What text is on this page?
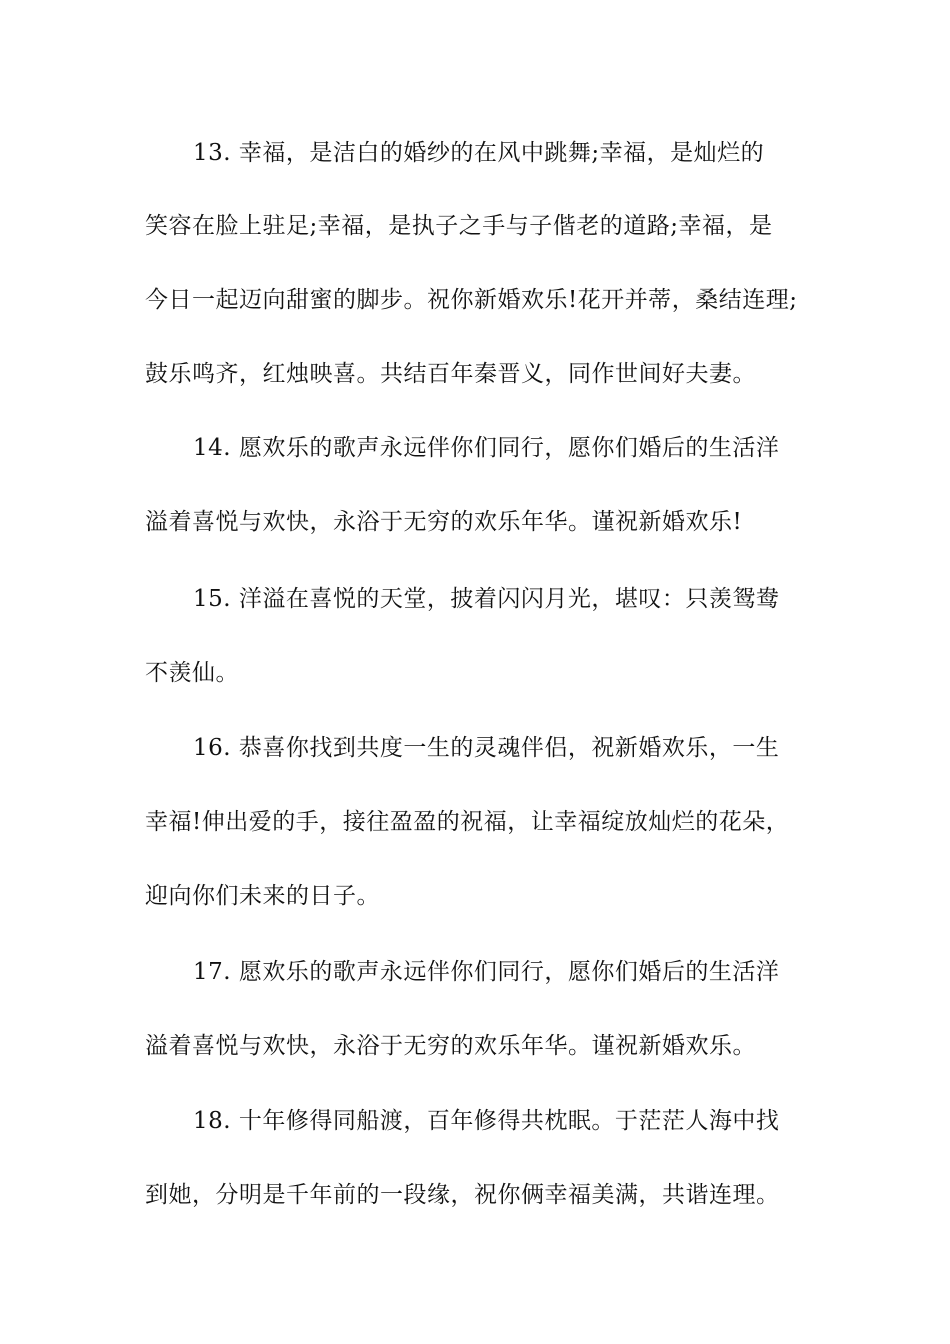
13. 幸福，是洁白的婚纱的在风中跳舞;幸福，是灿烂的
笑容在脸上驻足;幸福，是执子之手与子偕老的道路;幸福，是
今日一起迈向甜蜜的脚步。祝你新婚欢乐!花开并蒂，桑结连理;
鼓乐鸣齐，红烛映喜。共结百年秦晋义，同作世间好夫妻。
14. 愿欢乐的歌声永远伴你们同行，愿你们婚后的生活洋
溢着喜悦与欢快，永浴于无穷的欢乐年华。谨祝新婚欢乐!
15. 洋溢在喜悦的天堂，披着闪闪月光，堪叹：只羡鸳鸯
不羡仙。
16. 恭喜你找到共度一生的灵魂伴侣，祝新婚欢乐，一生
幸福!伸出爱的手，接往盈盈的祝福，让幸福绽放灿烂的花朵，
迎向你们未来的日子。
17. 愿欢乐的歌声永远伴你们同行，愿你们婚后的生活洋
溢着喜悦与欢快，永浴于无穷的欢乐年华。谨祝新婚欢乐。
18. 十年修得同船渡，百年修得共枕眠。于茫茫人海中找
到她，分明是千年前的一段缘，祝你俩幸福美满，共谐连理。
